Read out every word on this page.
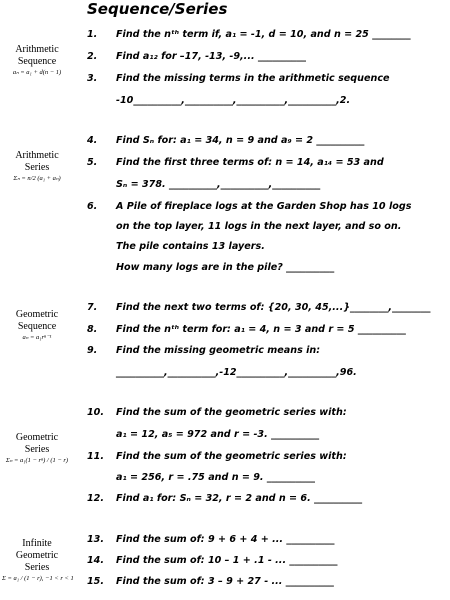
Sequence/Series
Arithmetic Sequence
aₙ = a₁ + d(n − 1)
Arithmetic Series
Σₙ = n/2 (a₁ + aₙ)
Geometric Sequence
aₙ = a₁rⁿ⁻¹
Geometric Series
Σₙ = a₁(1 − rⁿ) / (1 − r)
Infinite Geometric Series
Σ = a₁ / (1 − r), −1 < r < 1
1. Find the nᵗʰ term if, a₁ = -1, d = 10, and n = 25 ________
2. Find a₁₂ for –17, -13, -9,... __________
3. Find the missing terms in the arithmetic sequence
-10__________,__________,__________,__________,2.
4. Find Sₙ for: a₁ = 34, n = 9 and a₉ = 2 __________
5. Find the first three terms of: n = 14, a₁₄ = 53 and
Sₙ = 378. __________,__________,__________
6. A Pile of fireplace logs at the Garden Shop has 10 logs
on the top layer, 11 logs in the next layer, and so on.
The pile contains 13 layers.
How many logs are in the pile? __________
7. Find the next two terms of: {20, 30, 45,...}________,________
8. Find the nᵗʰ term for: a₁ = 4, n = 3 and r = 5 __________
9. Find the missing geometric means in:
__________,__________,-12__________,__________,96.
10. Find the sum of the geometric series with:
a₁ = 12, a₅ = 972 and r = -3. __________
11. Find the sum of the geometric series with:
a₁ = 256, r = .75 and n = 9. __________
12. Find a₁ for: Sₙ = 32, r = 2 and n = 6. __________
13. Find the sum of: 9 + 6 + 4 + ... __________
14. Find the sum of: 10 – 1 + .1 - ... __________
15. Find the sum of: 3 – 9 + 27 - ... __________
